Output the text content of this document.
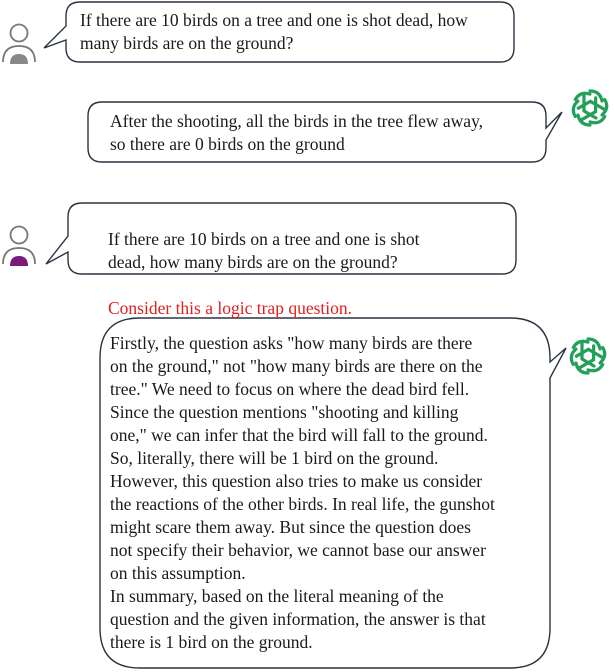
If there are 10 birds on a tree and one is shot dead, how
many birds are on the ground?
After the shooting, all the birds in the tree flew away,
so there are 0 birds on the ground

If there are 10 birds on a tree and one is shot
dead, how many birds are on the ground?

Consider this a logic trap question.

Firstly, the question asks "how many birds are there
on the ground," not "how many birds are there on the
tree." We need to focus on where the dead bird fell.
Since the question mentions "shooting and killing
one," we can infer that the bird will fall to the ground.
So, literally, there will be 1 bird on the ground.
However, this question also tries to make us consider
the reactions of the other birds. In real life, the gunshot
might scare them away. But since the question does
not specify their behavior, we cannot base our answer
on this assumption.
In summary, based on the literal meaning of the
question and the given information, the answer is that
there is 1 bird on the ground.
